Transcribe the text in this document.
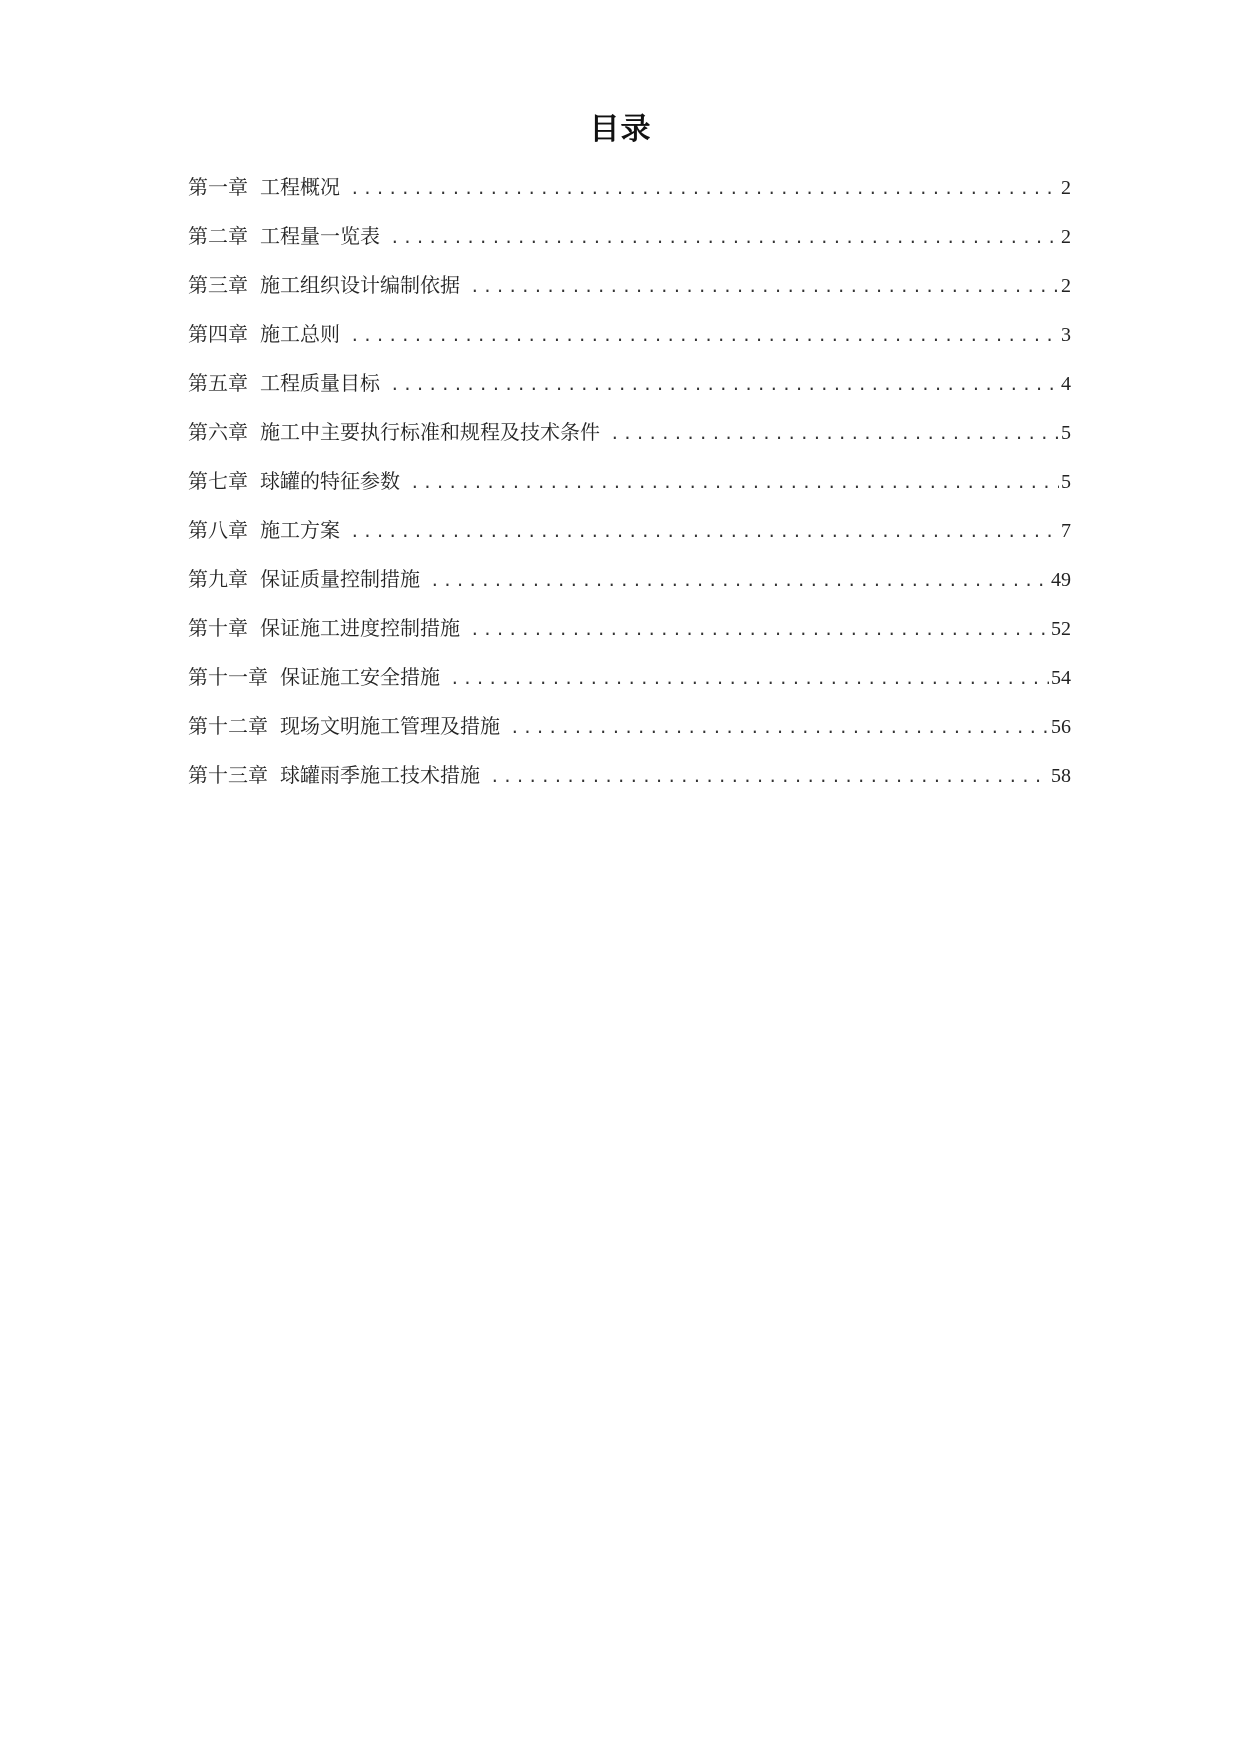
目录
第一章 工程概况 .....	2
第二章 工程量一览表 .....	2
第三章 施工组织设计编制依据 .....	2
第四章 施工总则 .....	3
第五章 工程质量目标 .....	4
第六章 施工中主要执行标准和规程及技术条件 .....	5
第七章 球罐的特征参数 .....	5
第八章 施工方案 .....	7
第九章 保证质量控制措施 .....	49
第十章 保证施工进度控制措施 .....	52
第十一章 保证施工安全措施 .....	54
第十二章 现场文明施工管理及措施 .....	56
第十三章 球罐雨季施工技术措施 .....	58
